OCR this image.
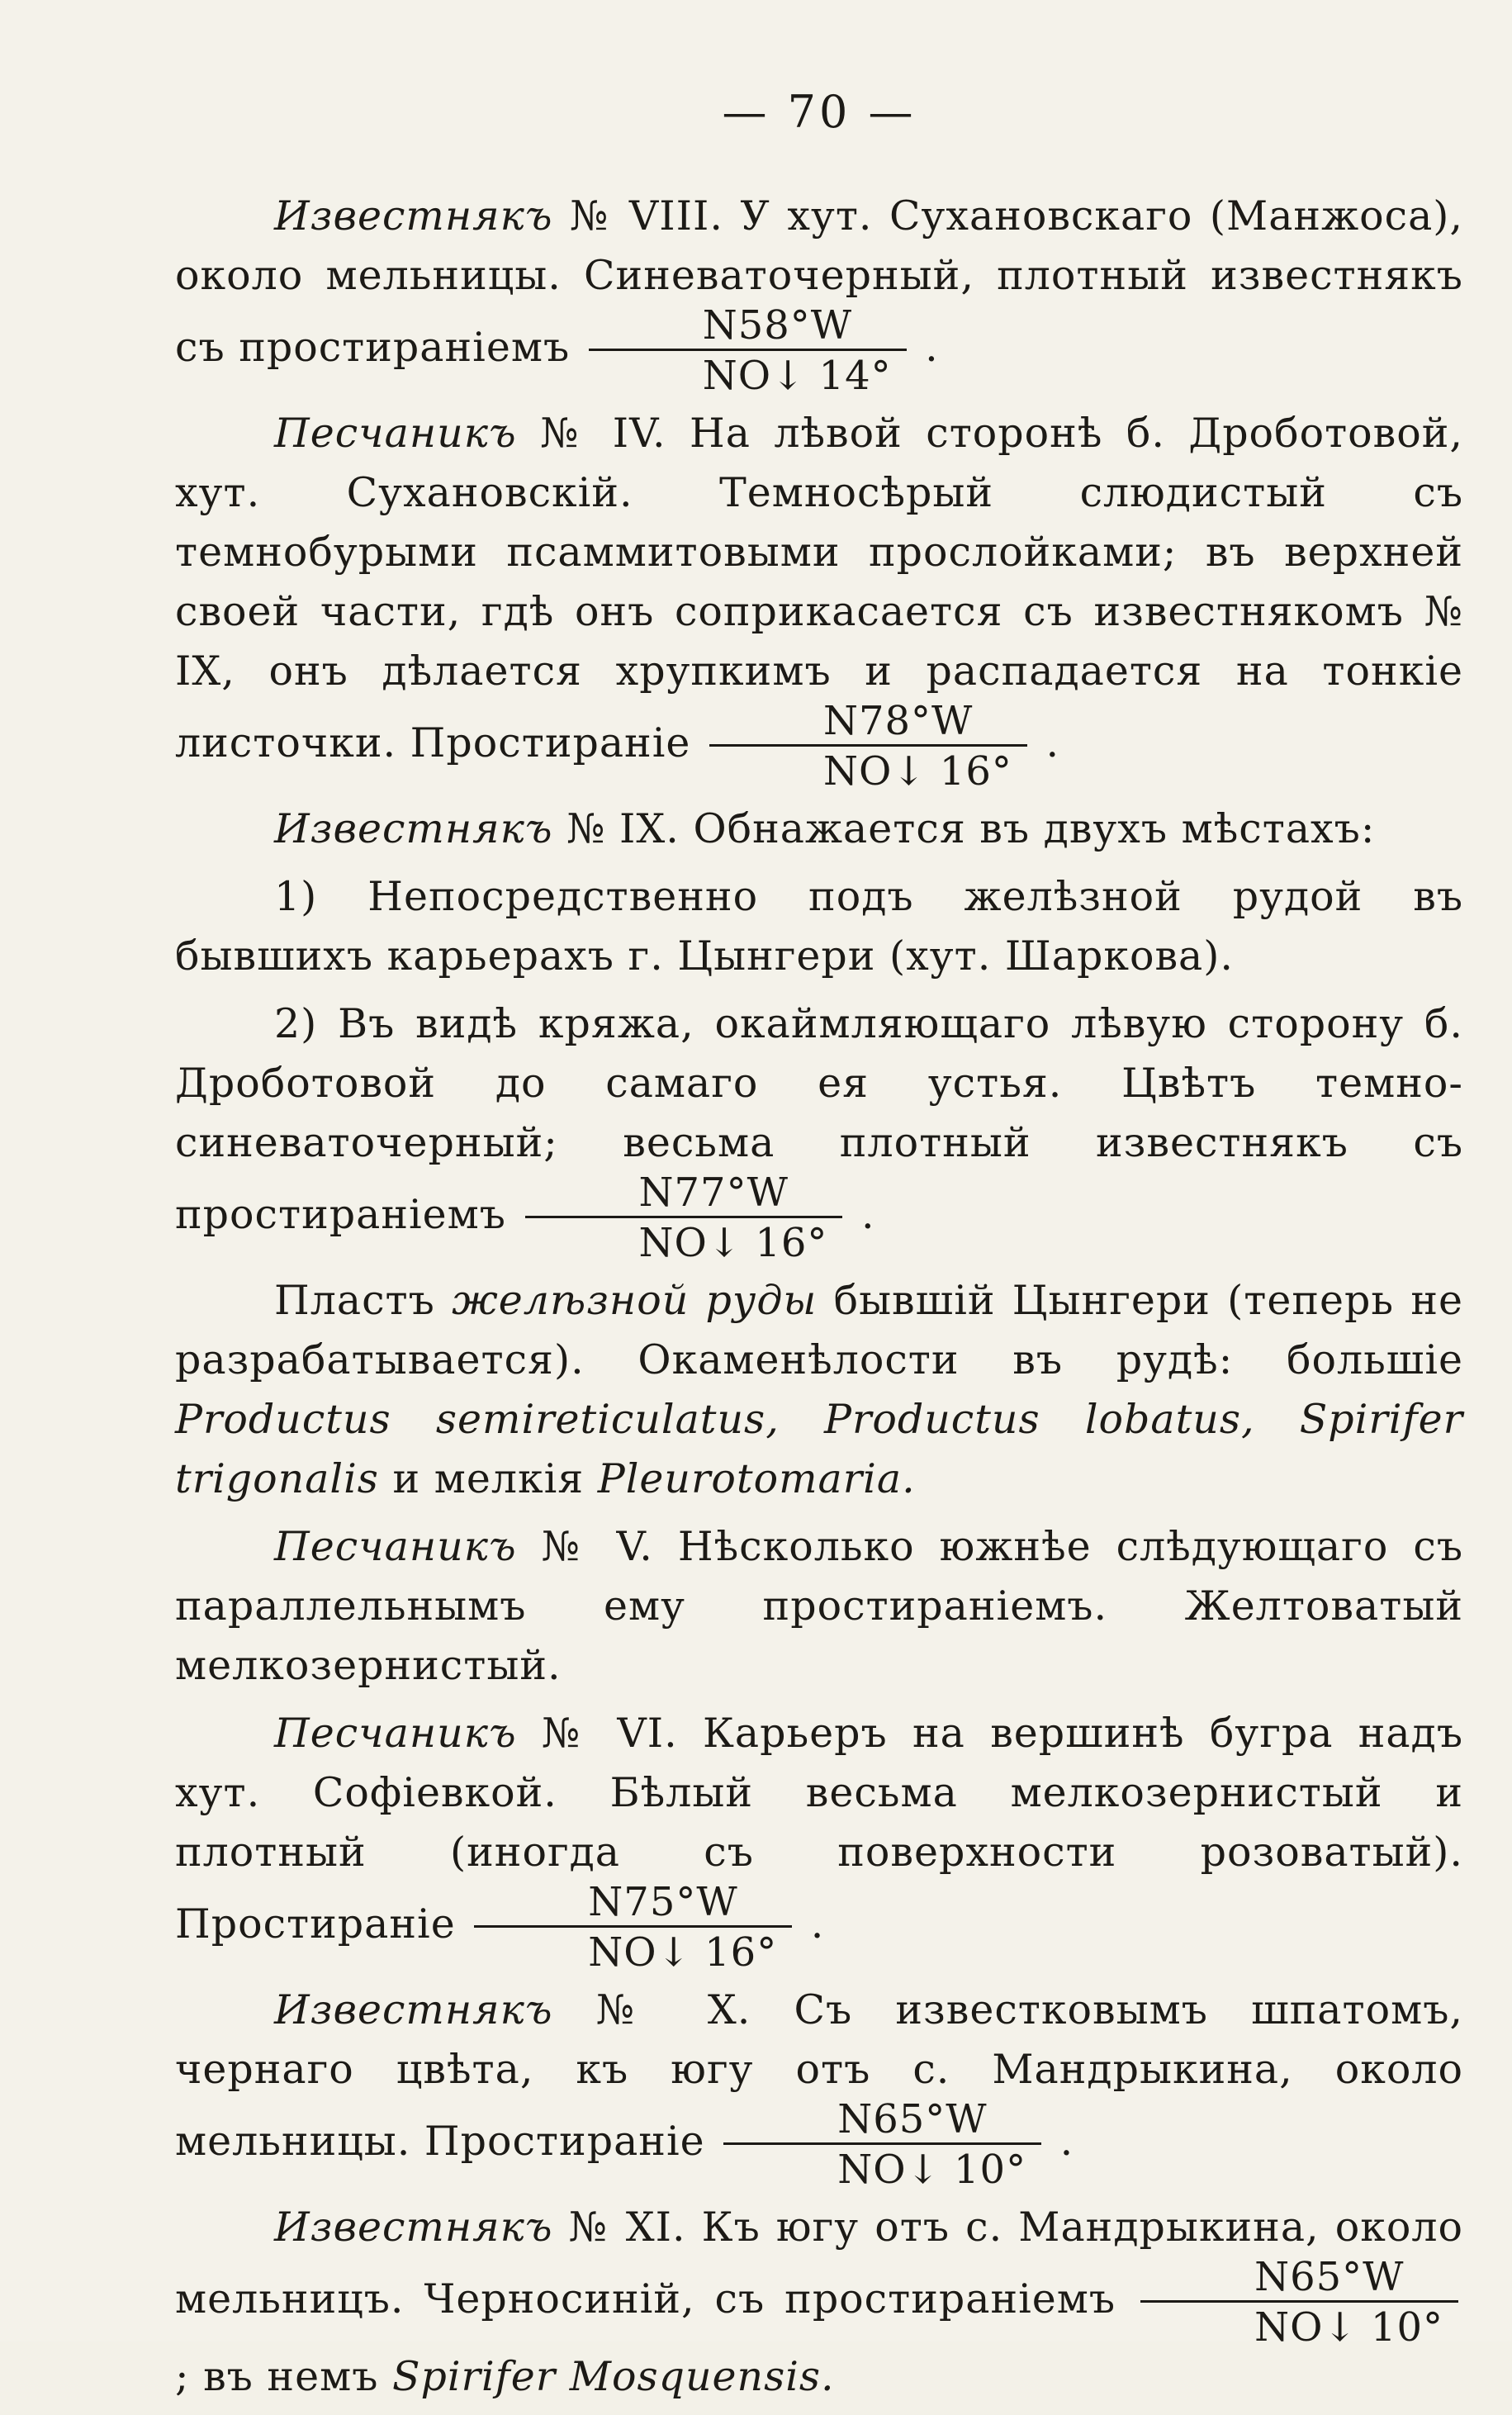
— 70 —

Известнякъ № VIII. У хут. Сухановскаго (Манжоса), около мельницы. Синеваточерный, плотный известнякъ съ простираніемъ $\frac{N58^\circ W}{NO↓ 14^\circ}$ .

Песчаникъ № IV. На лѣвой сторонѣ б. Дроботовой, хут. Сухановскій. Темносѣрый слюдистый съ темнобурыми псаммитовыми прослойками; въ верхней своей части, гдѣ онъ соприкасается съ известнякомъ № IX, онъ дѣлается хрупкимъ и распадается на тонкіе листочки. Простираніе $\frac{N78^\circ W}{NO↓ 16^\circ}$ .

Известнякъ № IX. Обнажается въ двухъ мѣстахъ:

1) Непосредственно подъ желѣзной рудой въ бывшихъ карьерахъ г. Цынгери (хут. Шаркова).

2) Въ видѣ кряжа, окаймляющаго лѣвую сторону б. Дроботовой до самаго ея устья. Цвѣтъ темно-синеваточерный; весьма плотный известнякъ съ простираніемъ $\frac{N77^\circ W}{NO↓ 16^\circ}$ .

Пластъ желѣзной руды бывшій Цынгери (теперь не разрабатывается). Окаменѣлости въ рудѣ: большіе Productus semireticulatus, Productus lobatus, Spirifer trigonalis и мелкія Pleurotomaria.

Песчаникъ № V. Нѣсколько южнѣе слѣдующаго съ параллельнымъ ему простираніемъ. Желтоватый мелкозернистый.

Песчаникъ № VI. Карьеръ на вершинѣ бугра надъ хут. Софіевкой. Бѣлый весьма мелкозернистый и плотный (иногда съ поверхности розоватый). Простираніе $\frac{N75^\circ W}{NO↓ 16^\circ}$ .

Известнякъ № X. Съ известковымъ шпатомъ, чернаго цвѣта, къ югу отъ с. Мандрыкина, около мельницы. Простираніе $\frac{N65^\circ W}{NO↓ 10^\circ}$ .

Известнякъ № XI. Къ югу отъ с. Мандрыкина, около мельницъ. Черносиній, съ простираніемъ $\frac{N65^\circ W}{NO↓ 10^\circ}$
; въ немъ Spirifer Mosquensis.
